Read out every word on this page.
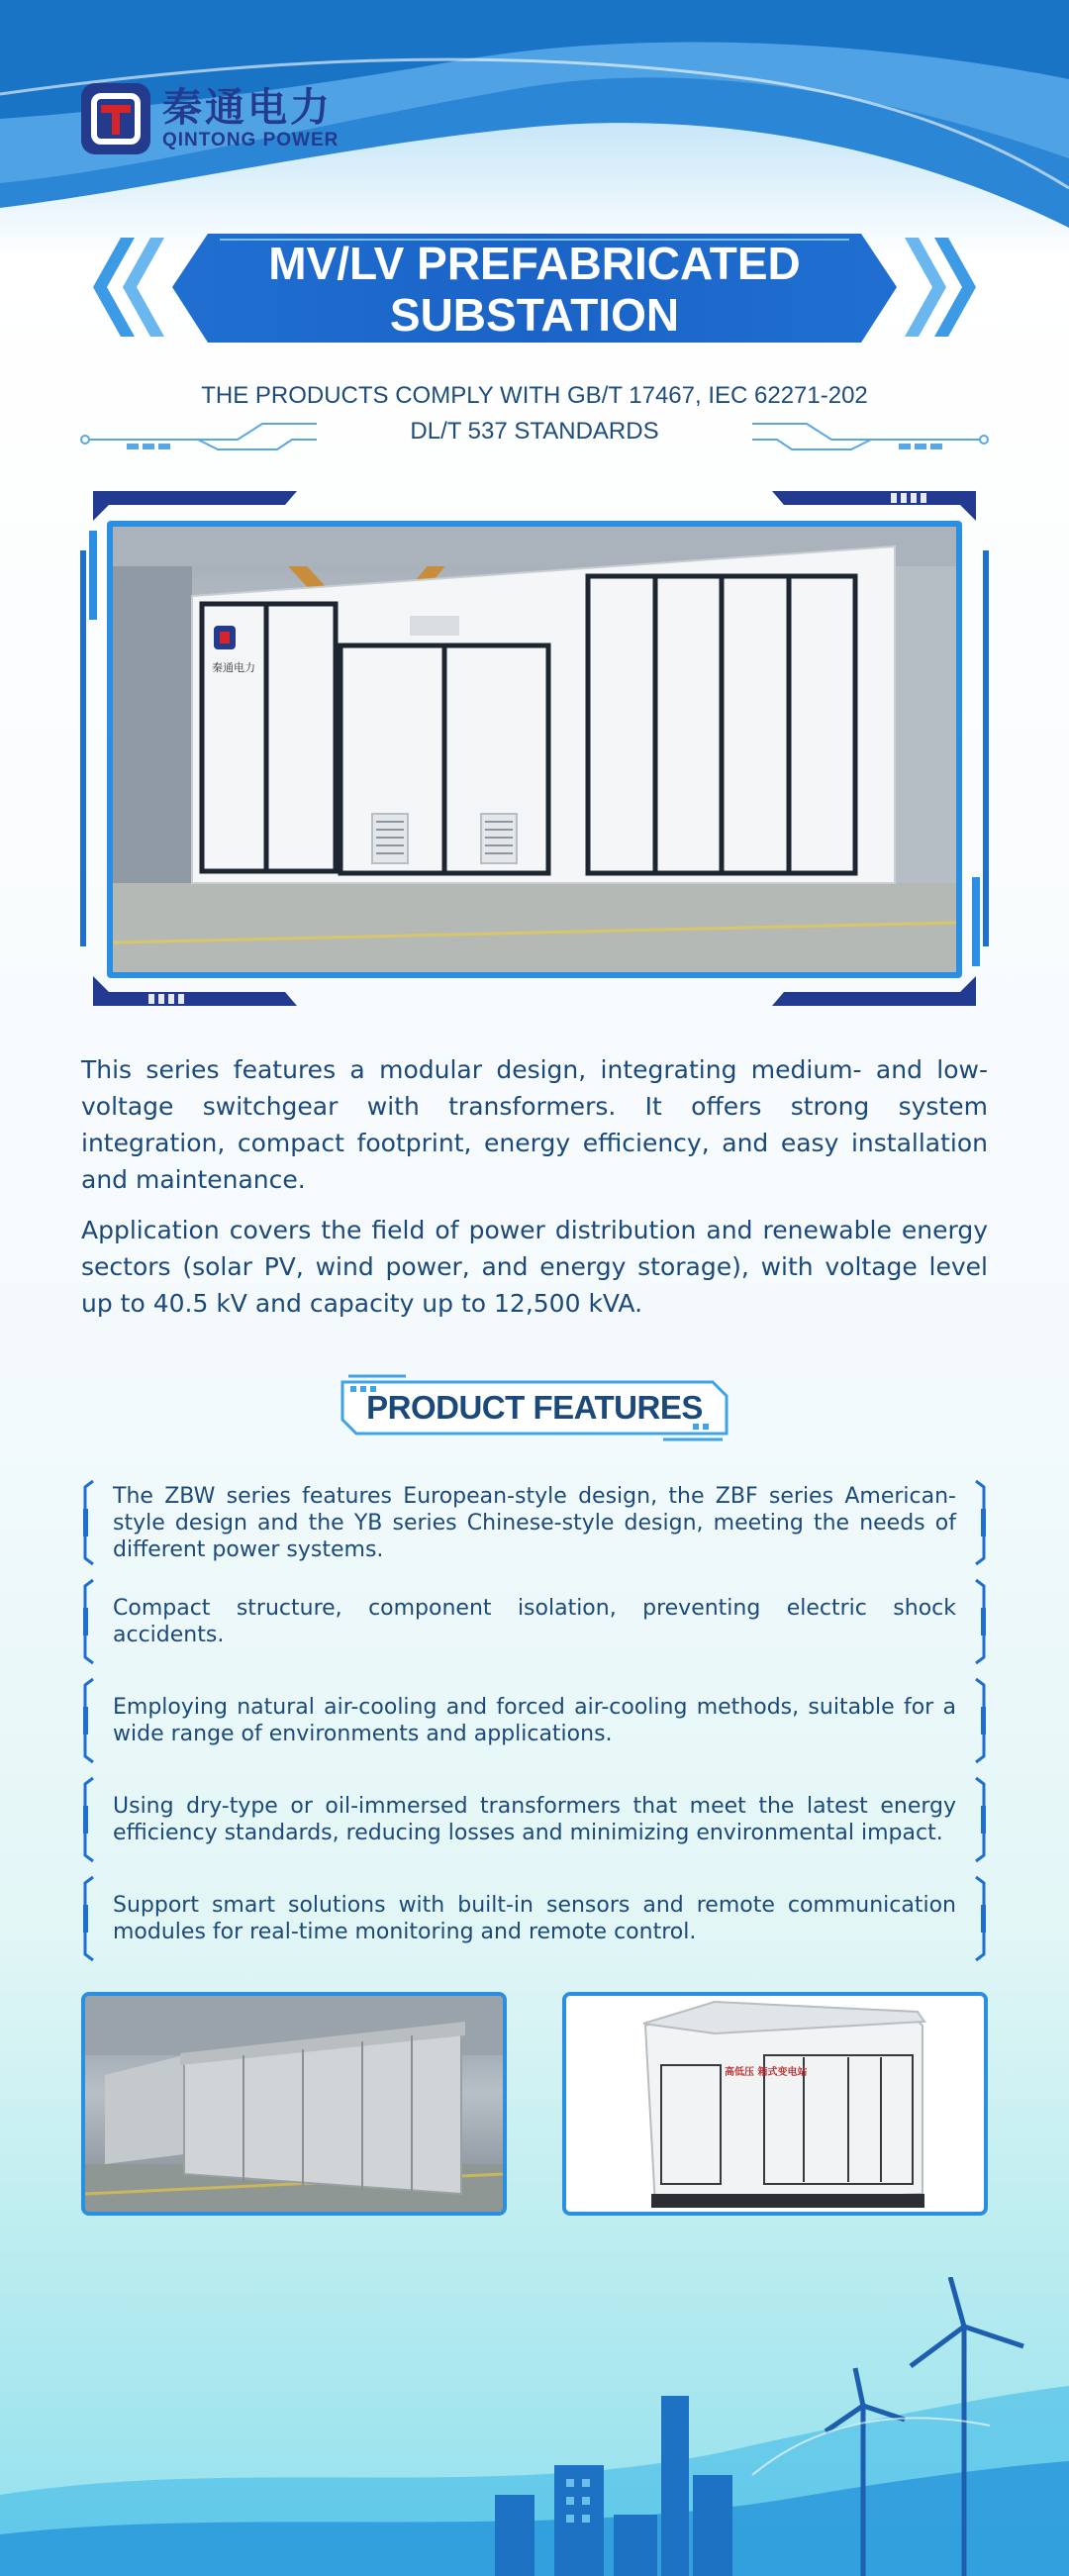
秦通电力
QINTONG POWER
MV/LV PREFABRICATED
SUBSTATION
THE PRODUCTS COMPLY WITH GB/T 17467, IEC 62271-202
DL/T 537 STANDARDS
秦通电力

This series features a modular design, integrating medium- and low-voltage switchgear with transformers. It offers strong system integration, compact footprint, energy efficiency, and easy installation and maintenance.

Application covers the field of power distribution and renewable energy sectors (solar PV, wind power, and energy storage), with voltage level up to 40.5 kV and capacity up to 12,500 kVA.

PRODUCT FEATURES
The ZBW series features European-style design, the ZBF series American-style design and the YB series Chinese-style design, meeting the needs of different power systems.
Compact structure, component isolation, preventing electric shock accidents.
Employing natural air-cooling and forced air-cooling methods, suitable for a wide range of environments and applications.
Using dry-type or oil-immersed transformers that meet the latest energy efficiency standards, reducing losses and minimizing environmental impact.
Support smart solutions with built-in sensors and remote communication modules for real-time monitoring and remote control.
高低压 箱式变电站
